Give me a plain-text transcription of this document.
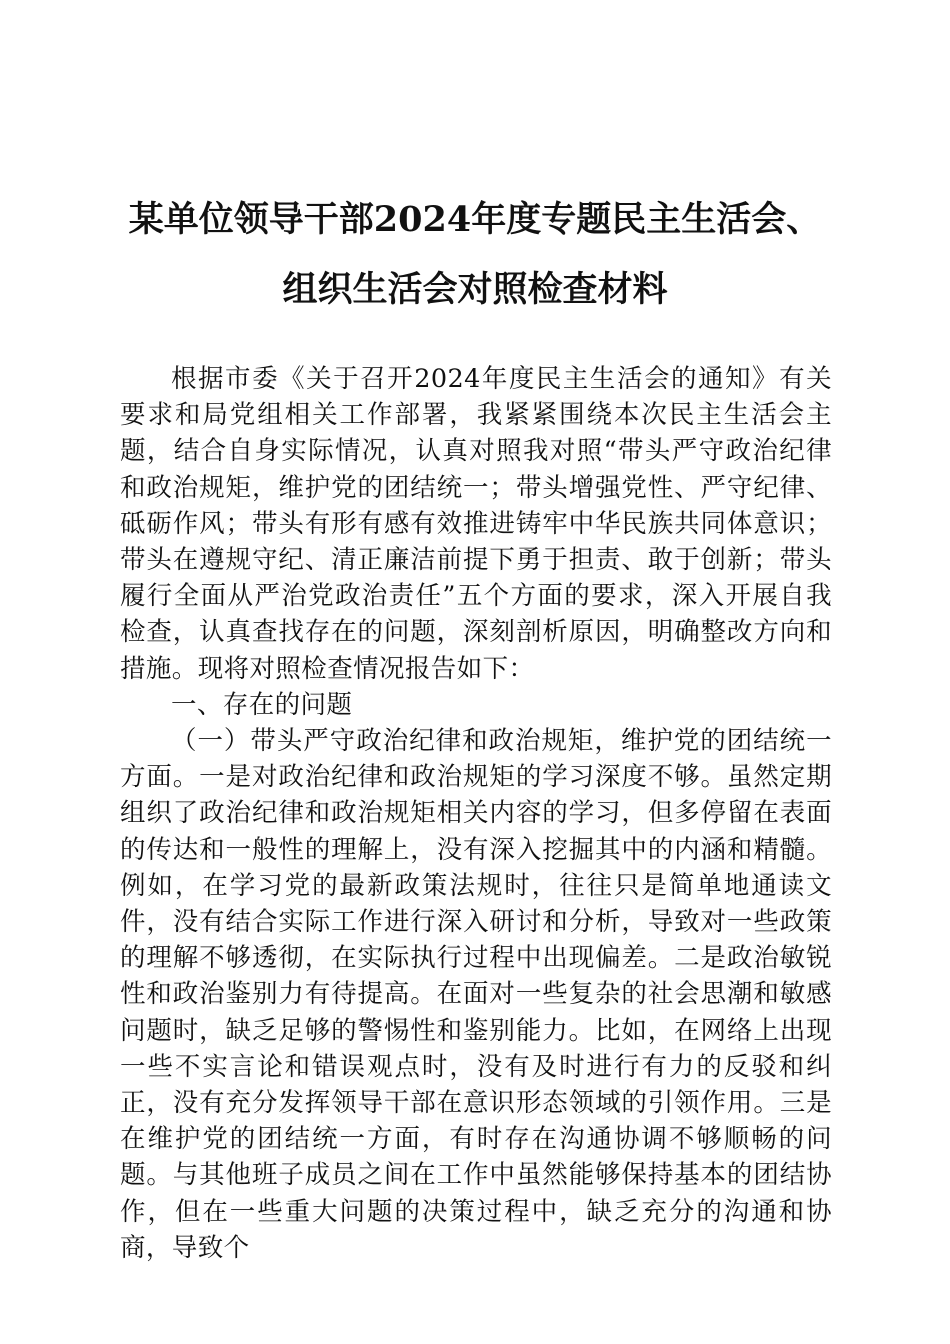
某单位领导干部2024年度专题民主生活会、
组织生活会对照检查材料

根据市委《关于召开2024年度民主生活会的通知》有关要求和局党组相关工作部署，我紧紧围绕本次民主生活会主题，结合自身实际情况，认真对照我对照“带头严守政治纪律和政治规矩，维护党的团结统一；带头增强党性、严守纪律、砥砺作风；带头有形有感有效推进铸牢中华民族共同体意识；带头在遵规守纪、清正廉洁前提下勇于担责、敢于创新；带头履行全面从严治党政治责任”五个方面的要求，深入开展自我检查，认真查找存在的问题，深刻剖析原因，明确整改方向和措施。现将对照检查情况报告如下：

一、存在的问题

（一）带头严守政治纪律和政治规矩，维护党的团结统一方面。一是对政治纪律和政治规矩的学习深度不够。虽然定期组织了政治纪律和政治规矩相关内容的学习，但多停留在表面的传达和一般性的理解上，没有深入挖掘其中的内涵和精髓。例如，在学习党的最新政策法规时，往往只是简单地通读文件，没有结合实际工作进行深入研讨和分析，导致对一些政策的理解不够透彻，在实际执行过程中出现偏差。二是政治敏锐性和政治鉴别力有待提高。在面对一些复杂的社会思潮和敏感问题时，缺乏足够的警惕性和鉴别能力。比如，在网络上出现一些不实言论和错误观点时，没有及时进行有力的反驳和纠正，没有充分发挥领导干部在意识形态领域的引领作用。三是在维护党的团结统一方面，有时存在沟通协调不够顺畅的问题。与其他班子成员之间在工作中虽然能够保持基本的团结协作，但在一些重大问题的决策过程中，缺乏充分的沟通和协商，导致个
